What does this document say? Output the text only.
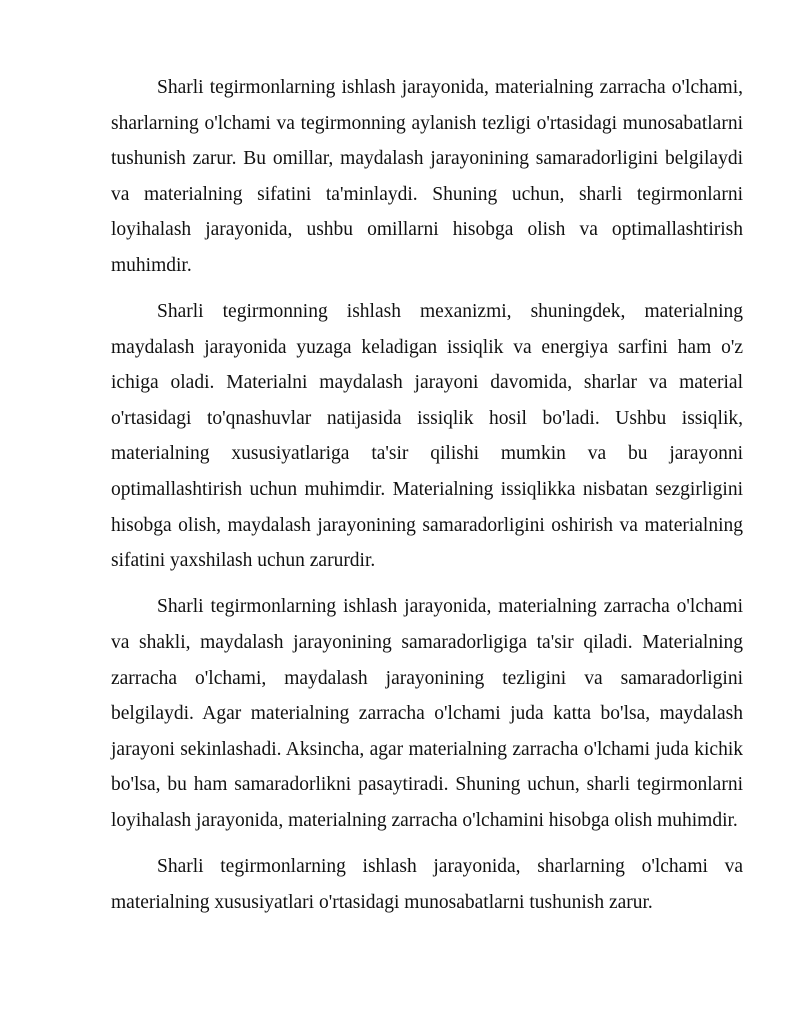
Sharli tegirmonlarning ishlash jarayonida, materialning zarracha o'lchami, sharlarning o'lchami va tegirmonning aylanish tezligi o'rtasidagi munosabatlarni tushunish zarur. Bu omillar, maydalash jarayonining samaradorligini belgilaydi va materialning sifatini ta'minlaydi. Shuning uchun, sharli tegirmonlarni loyihalash jarayonida, ushbu omillarni hisobga olish va optimallashtirish muhimdir.

Sharli tegirmonning ishlash mexanizmi, shuningdek, materialning maydalash jarayonida yuzaga keladigan issiqlik va energiya sarfini ham o'z ichiga oladi. Materialni maydalash jarayoni davomida, sharlar va material o'rtasidagi to'qnashuvlar natijasida issiqlik hosil bo'ladi. Ushbu issiqlik, materialning xususiyatlariga ta'sir qilishi mumkin va bu jarayonni optimallashtirish uchun muhimdir. Materialning issiqlikka nisbatan sezgirligini hisobga olish, maydalash jarayonining samaradorligini oshirish va materialning sifatini yaxshilash uchun zarurdir.

Sharli tegirmonlarning ishlash jarayonida, materialning zarracha o'lchami va shakli, maydalash jarayonining samaradorligiga ta'sir qiladi. Materialning zarracha o'lchami, maydalash jarayonining tezligini va samaradorligini belgilaydi. Agar materialning zarracha o'lchami juda katta bo'lsa, maydalash jarayoni sekinlashadi. Aksincha, agar materialning zarracha o'lchami juda kichik bo'lsa, bu ham samaradorlikni pasaytiradi. Shuning uchun, sharli tegirmonlarni loyihalash jarayonida, materialning zarracha o'lchamini hisobga olish muhimdir.

Sharli tegirmonlarning ishlash jarayonida, sharlarning o'lchami va materialning xususiyatlari o'rtasidagi munosabatlarni tushunish zarur.
